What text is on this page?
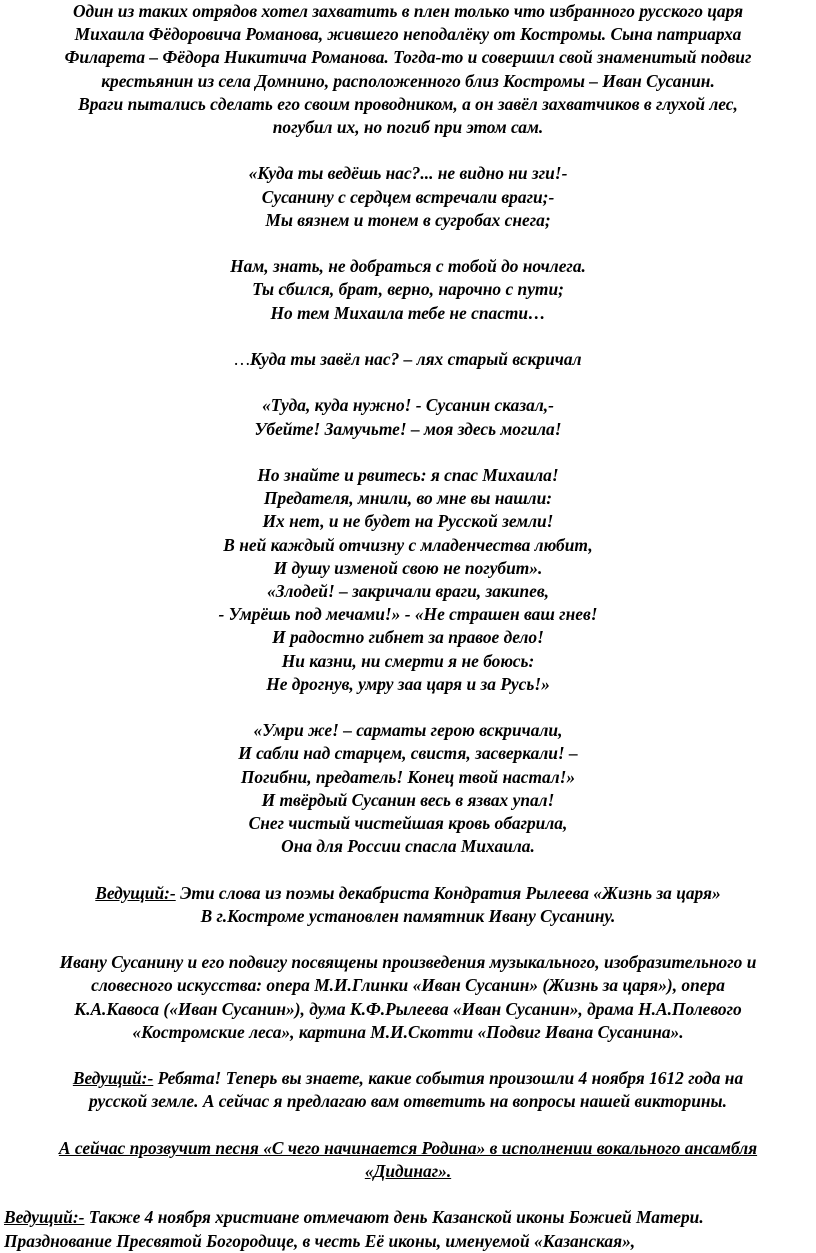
Один из таких отрядов хотел захватить в плен только что избранного русского царя

Михаила Фёдоровича Романова, жившего неподалёку от Костромы. Сына патриарха

Филарета – Фёдора Никитича Романова. Тогда-то и совершил свой знаменитый подвиг

крестьянин из села Домнино, расположенного близ Костромы – Иван Сусанин.

Враги пытались сделать его своим проводником, а он завёл захватчиков в глухой лес,

погубил их, но погиб при этом сам.

«Куда ты ведёшь нас?... не видно ни зги!-

Сусанину с сердцем встречали враги;-

Мы вязнем и тонем в сугробах снега;

Нам, знать, не добраться с тобой до ночлега.

Ты сбился, брат, верно, нарочно с пути;

Но тем Михаила тебе не спасти…

…Куда ты завёл нас? – лях старый вскричал

«Туда, куда нужно! - Сусанин сказал,-

Убейте! Замучьте! – моя здесь могила!

Но знайте и рвитесь: я спас Михаила!

Предателя, мнили, во мне вы нашли:

Их нет, и не будет на Русской земли!

В ней каждый отчизну с младенчества любит,

И душу изменой свою не погубит».

«Злодей! – закричали враги, закипев,

- Умрёшь под мечами!» - «Не страшен ваш гнев!

И радостно гибнет за правое дело!

Ни казни, ни смерти я не боюсь:

Не дрогнув, умру заа царя и за Русь!»

«Умри же! – сарматы герою вскричали,

И сабли над старцем, свистя, засверкали! –

Погибни, предатель! Конец твой настал!»

И твёрдый Сусанин весь в язвах упал!

Снег чистый чистейшая кровь обагрила,

Она для России спасла Михаила.

Ведущий:- Эти слова из поэмы декабриста Кондратия Рылеева «Жизнь за царя»

В г.Костроме установлен памятник Ивану Сусанину.

Ивану Сусанину и его подвигу посвящены произведения музыкального, изобразительного и

словесного искусства: опера М.И.Глинки «Иван Сусанин» (Жизнь за царя»), опера

К.А.Кавоса («Иван Сусанин»), дума К.Ф.Рылеева «Иван Сусанин», драма Н.А.Полевого

«Костромские леса», картина М.И.Скотти «Подвиг Ивана Сусанина».

Ведущий:- Ребята! Теперь вы знаете, какие события произошли 4 ноября 1612 года на

русской земле. А сейчас я предлагаю вам ответить на вопросы нашей викторины.

А сейчас прозвучит песня «С чего начинается Родина» в исполнении вокального ансамбля

«Дидинаг».

Ведущий:- Также 4 ноября христиане отмечают день Казанской иконы Божией Матери.

Празднование Пресвятой Богородице, в честь Её иконы, именуемой «Казанская»,
